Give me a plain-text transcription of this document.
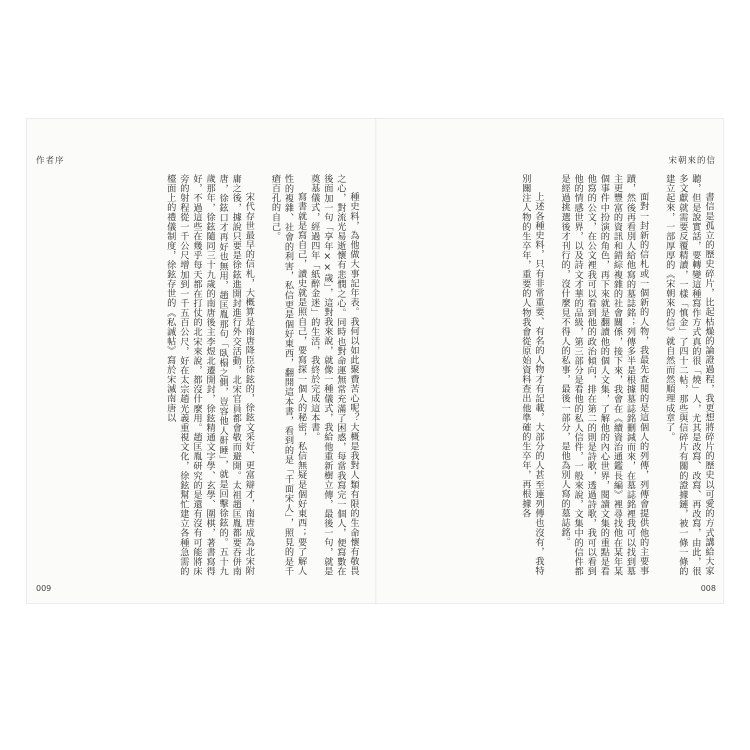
作者序

種史料，為他做大事記年表。我何以如此聚費苦心呢？大概是我對人類有限的生命懷有敬畏之心，對流光易逝懷有悲憫之心。同時也對命運無常充滿了困惑，每當我寫完一個人，便寫數在後面加一句「享年××歲」，這對我來說，就像一種儀式，我給他重新樹立傳，最後一句，就是奠基儀式，經過四年「紙醉金迷」的生活，我終於完成這本書。

寫書就是寫自己，讀史就是照自己，要寫探一個人的秘密，私信無疑是個好東西；要了解人性的複雜、社會的利害，私信更是個好東西，翻開這本書，看到的是「千面宋人」，照見的是千瘡百孔的自己。

宋代存世最早的信札，大概算是南唐降臣徐鉉的，徐鉉文采好、更富辯才，南唐成為北宋附庸之後，據說只要是徐鉉進開封進行外交活動，北宋官員都會敬而避開。太祖趙匡胤都要吞併南唐，徐鉉口才再好也無用，趙匡胤那句「臥榻之側，豈容他人鼾睡」，就是回擊徐鉉的。五十九歲那年，徐鉉隨同三十九歲的南唐後主李煜北遷開封，徐鉉精通文字學、玄學、圍棋，著書寫得好，不過這些在幾乎每天都在打仗的北宋來說，都沒什麼用。趙匡胤研究的是還有沒有可能將床旁的射程從一千公尺增加到一千五百公尺，好在太宗趙光義重視文化，徐鉉幫忙建立各種急需的檯面上的禮儀制度，徐鉉存世的《私誠帖》寫於宋滅南唐以

009
宋朝來的信

書信是孤立的歷史碎片，比起枯燥的論證過程，我更想將碎片的歷史以可愛的方式講給大家聽，但是說實話，要轉變這種寫作方式真的很「燒」人，尤其是改寫、改寫、再改寫，由此，很多文獻就需要反覆精讀，一樣「慎金」了四十二帖，那些與信碎片有關的證據鏈，被一條一條的建立起來，一部厚厚的《宋朝來的信》就自然而然順理成章了。

面對一封新的信札或一個新的人物，我最先查閱的是這個人的列傳，列傳會提供他的主要事蹟，然後再看別人給他寫的墓誌銘；列傳多半是根據墓誌銘刪減而來，在墓誌銘裡我可以找到墓主更豐富的資訊和錯綜複雜的社會關係，接下來，我會在《續資治通鑑長編》裡尋找他在某年某個事件中扮演的角色，再下來就是翻讀他的個人文集，了解他的內心世界，閱讀文集的重點是看他寫的公文，在公文裡我可以看到他的政治傾向，排在第二的則是詩歌，透過詩歌，我可以看到他的情感世界，以及詩文才華的品級，第三部分是看他的私人信件，一般來說，文集中的信件都是經過挑選後才刊行的，沒什麼見不得人的私事，最後一部分，是他為別人寫的墓誌銘。

上述各種史料，只有非常重要、有名的人物才有記載，大部分的人甚至連列傳也沒有，我特別關注人物的生卒年，重要的人物我會從原始資料查出他準確的生卒年，再根據各

008
